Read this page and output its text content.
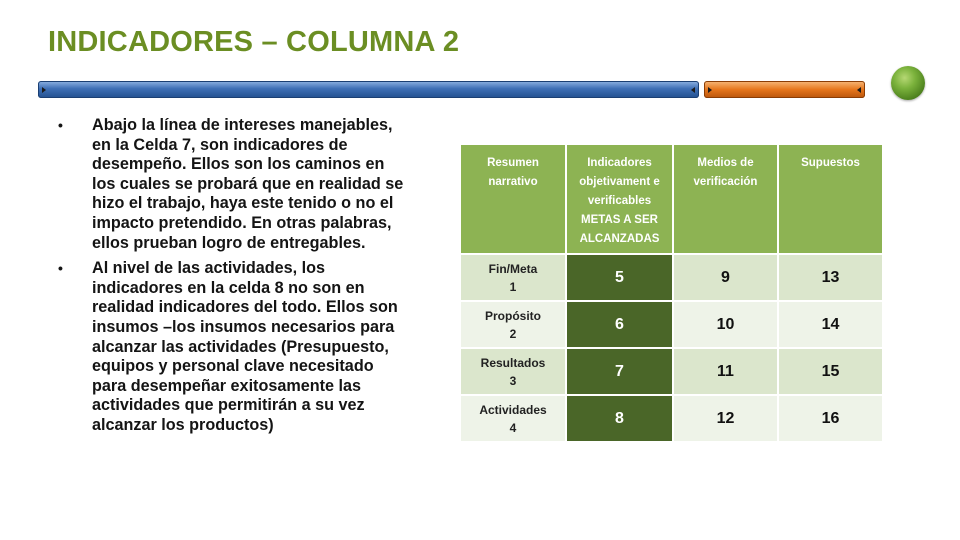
INDICADORES – COLUMNA 2
• Abajo la línea de intereses manejables, en la Celda 7, son indicadores de desempeño. Ellos son los caminos en los cuales se probará que en realidad se hizo el trabajo, haya este tenido o no el impacto pretendido. En otras palabras, ellos prueban logro de entregables.
• Al nivel de las actividades, los indicadores en la celda 8 no son en realidad indicadores del todo. Ellos son insumos –los insumos necesarios para alcanzar las actividades (Presupuesto, equipos y personal clave necesitado para desempeñar exitosamente las actividades que permitirán a su vez alcanzar los productos)
Resumen narrativo	Indicadores objetivament e verificables METAS A SER ALCANZADAS	Medios de verificación	Supuestos

Fin/Meta
1	5	9	13

Propósito
2	6	10	14

Resultados
3	7	11	15

Actividades
4	8	12	16
